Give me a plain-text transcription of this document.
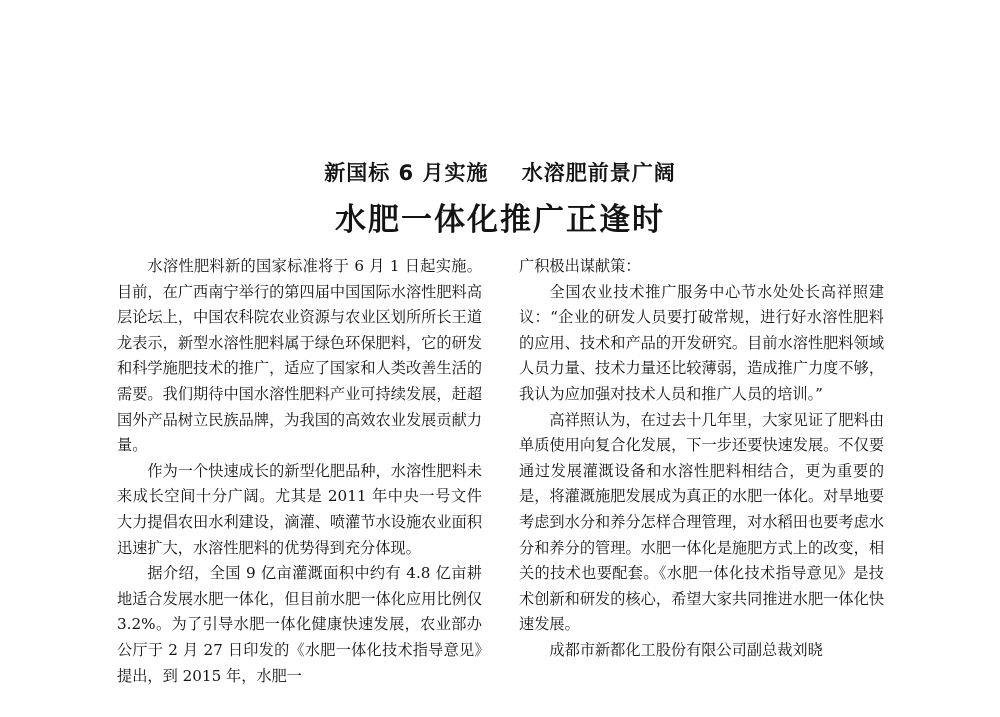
新国标 6 月实施    水溶肥前景广阔
水肥一体化推广正逢时

水溶性肥料新的国家标准将于 6 月 1 日起实施。目前，在广西南宁举行的第四届中国国际水溶性肥料高层论坛上，中国农科院农业资源与农业区划所所长王道龙表示，新型水溶性肥料属于绿色环保肥料，它的研发和科学施肥技术的推广，适应了国家和人类改善生活的需要。我们期待中国水溶性肥料产业可持续发展，赶超国外产品树立民族品牌，为我国的高效农业发展贡献力量。

作为一个快速成长的新型化肥品种，水溶性肥料未来成长空间十分广阔。尤其是 2011 年中央一号文件大力提倡农田水利建设，滴灌、喷灌节水设施农业面积迅速扩大，水溶性肥料的优势得到充分体现。

据介绍，全国 9 亿亩灌溉面积中约有 4.8 亿亩耕地适合发展水肥一体化，但目前水肥一体化应用比例仅 3.2%。为了引导水肥一体化健康快速发展，农业部办公厅于 2 月 27 日印发的《水肥一体化技术指导意见》提出，到 2015 年，水肥一

广积极出谋献策：

全国农业技术推广服务中心节水处处长高祥照建议：“企业的研发人员要打破常规，进行好水溶性肥料的应用、技术和产品的开发研究。目前水溶性肥料领域人员力量、技术力量还比较薄弱，造成推广力度不够，我认为应加强对技术人员和推广人员的培训。”

高祥照认为，在过去十几年里，大家见证了肥料由单质使用向复合化发展，下一步还要快速发展。不仅要通过发展灌溉设备和水溶性肥料相结合，更为重要的是，将灌溉施肥发展成为真正的水肥一体化。对旱地要考虑到水分和养分怎样合理管理，对水稻田也要考虑水分和养分的管理。水肥一体化是施肥方式上的改变，相关的技术也要配套。《水肥一体化技术指导意见》是技术创新和研发的核心，希望大家共同推进水肥一体化快速发展。

成都市新都化工股份有限公司副总裁刘晓
